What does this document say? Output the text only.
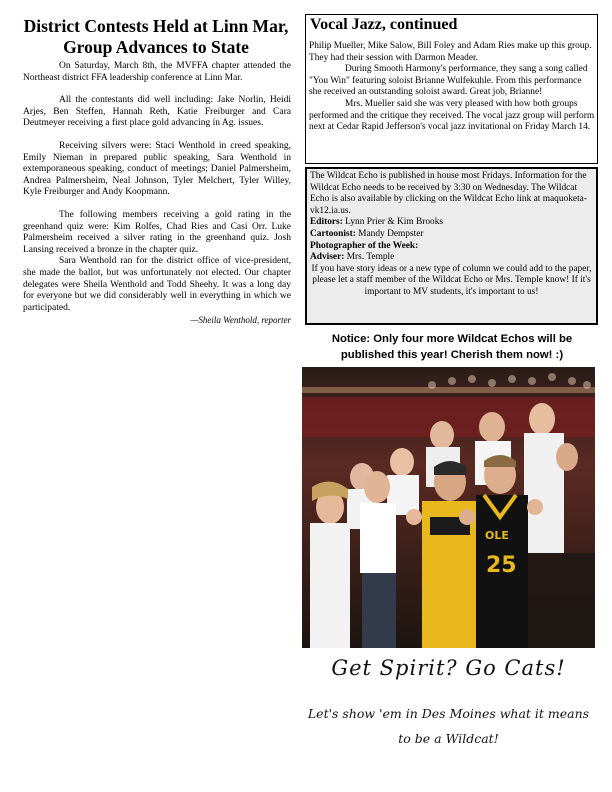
District Contests Held at Linn Mar, Group Advances to State

On Saturday, March 8th, the MVFFA chapter attended the Northeast district FFA leadership conference at Linn Mar.

All the contestants did well including: Jake Norlin, Heidi Arjes, Ben Steffen, Hannah Reth, Katie Freiburger and Cara Deutmeyer receiving a first place gold advancing in Ag. issues.

Receiving silvers were: Staci Wenthold in creed speaking, Emily Nieman in prepared public speaking, Sara Wenthold in extemporaneous speaking, conduct of meetings; Daniel Palmersheim, Andrea Palmersheim, Neal Johnson, Tyler Melchert, Tyler Willey, Kyle Freiburger and Andy Koopmann.

The following members receiving a gold rating in the greenhand quiz were: Kim Rolfes, Chad Ries and Casi Orr. Luke Palmersheim received a silver rating in the greenhand quiz. Josh Lansing received a bronze in the chapter quiz.

Sara Wenthold ran for the district office of vice-president, she made the ballot, but was unfortunately not elected. Our chapter delegates were Sheila Wenthold and Todd Sheehy. It was a long day for everyone but we did considerably well in everything in which we participated.

—Sheila Wenthold, reporter
Vocal Jazz, continued

Philip Mueller, Mike Salow, Bill Foley and Adam Ries make up this group. They had their session with Darmon Meader.

During Smooth Harmony's performance, they sang a song called "You Win" featuring soloist Brianne Wulfekuhle. From this performance she received an outstanding soloist award. Great job, Brianne!

Mrs. Mueller said she was very pleased with how both groups performed and the critique they received. The vocal jazz group will perform next at Cedar Rapid Jefferson's vocal jazz invitational on Friday March 14.

The Wildcat Echo is published in house most Fridays. Information for the Wildcat Echo needs to be received by 3:30 on Wednesday. The Wildcat Echo is also available by clicking on the Wildcat Echo link at maquoketa-vk12.ia.us.

Editors: Lynn Prier & Kim Brooks

Cartoonist: Mandy Dempster

Photographer of the Week:

Adviser: Mrs. Temple

If you have story ideas or a new type of column we could add to the paper, please let a staff member of the Wildcat Echo or Mrs. Temple know! If it's important to MV students, it's important to us!

Notice: Only four more Wildcat Echos will be published this year! Cherish them now! :)
25
OLE
Get Spirit? Go Cats!
Let's show 'em in Des Moines what it means
to be a Wildcat!
